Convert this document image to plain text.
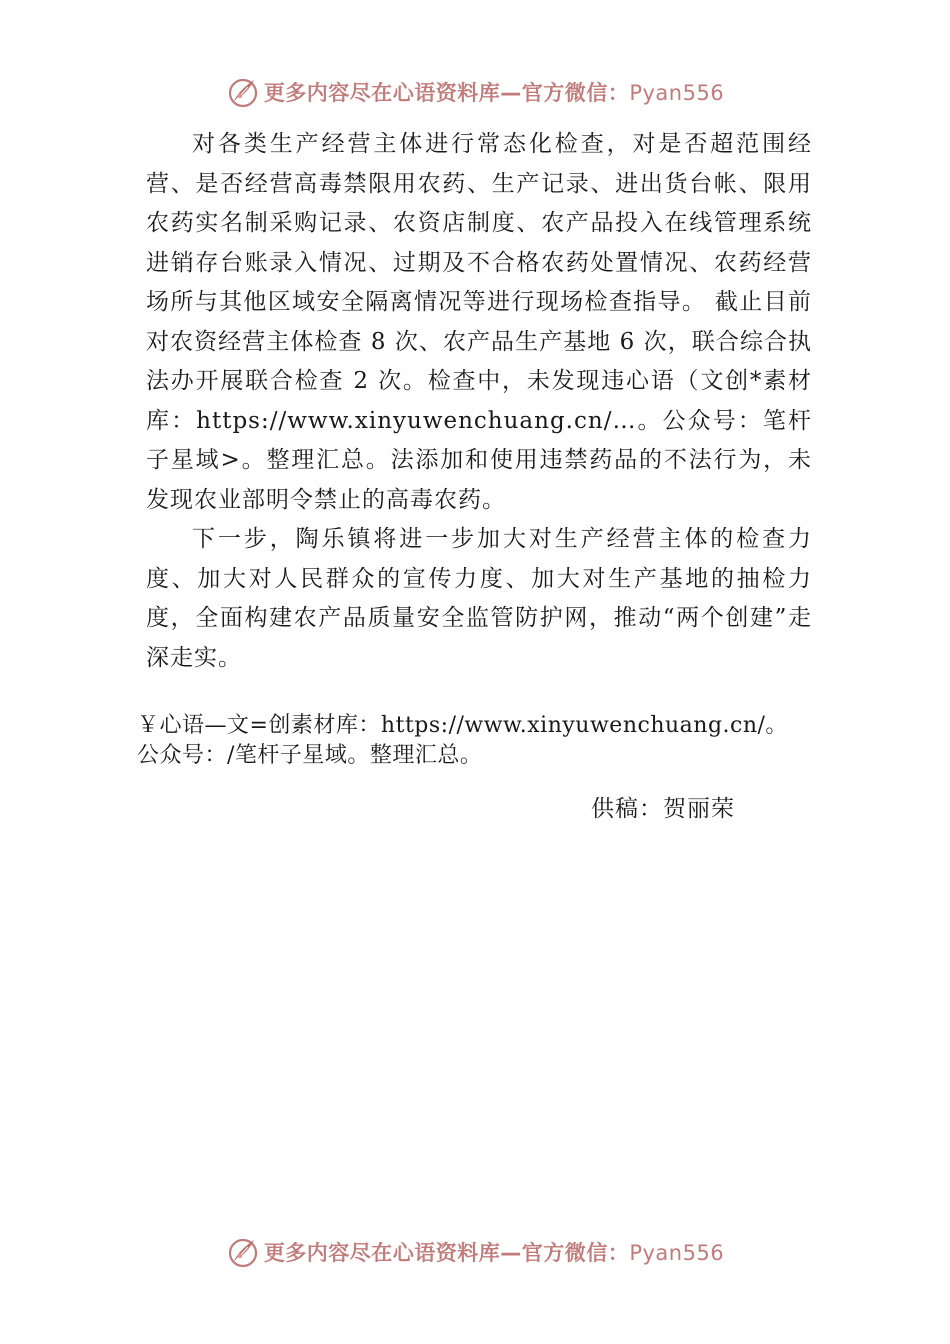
更多内容尽在心语资料库—官方微信：Pyan556

对各类生产经营主体进行常态化检查，对是否超范围经营、是否经营高毒禁限用农药、生产记录、进出货台帐、限用农药实名制采购记录、农资店制度、农产品投入在线管理系统进销存台账录入情况、过期及不合格农药处置情况、农药经营场所与其他区域安全隔离情况等进行现场检查指导。 截止目前对农资经营主体检查 8 次、农产品生产基地 6 次，联合综合执法办开展联合检查 2 次。检查中，未发现违心语（文创*素材库：https://www.xinyuwenchuang.cn/…。公众号：笔杆子星域>。整理汇总。法添加和使用违禁药品的不法行为，未发现农业部明令禁止的高毒农药。

下一步，陶乐镇将进一步加大对生产经营主体的检查力度、加大对人民群众的宣传力度、加大对生产基地的抽检力度，全面构建农产品质量安全监管防护网，推动“两个创建”走深走实。

￥心语—文=创素材库：https://www.xinyuwenchuang.cn/。
公众号：/笔杆子星域。整理汇总。
供稿：贺丽荣
更多内容尽在心语资料库—官方微信：Pyan556
